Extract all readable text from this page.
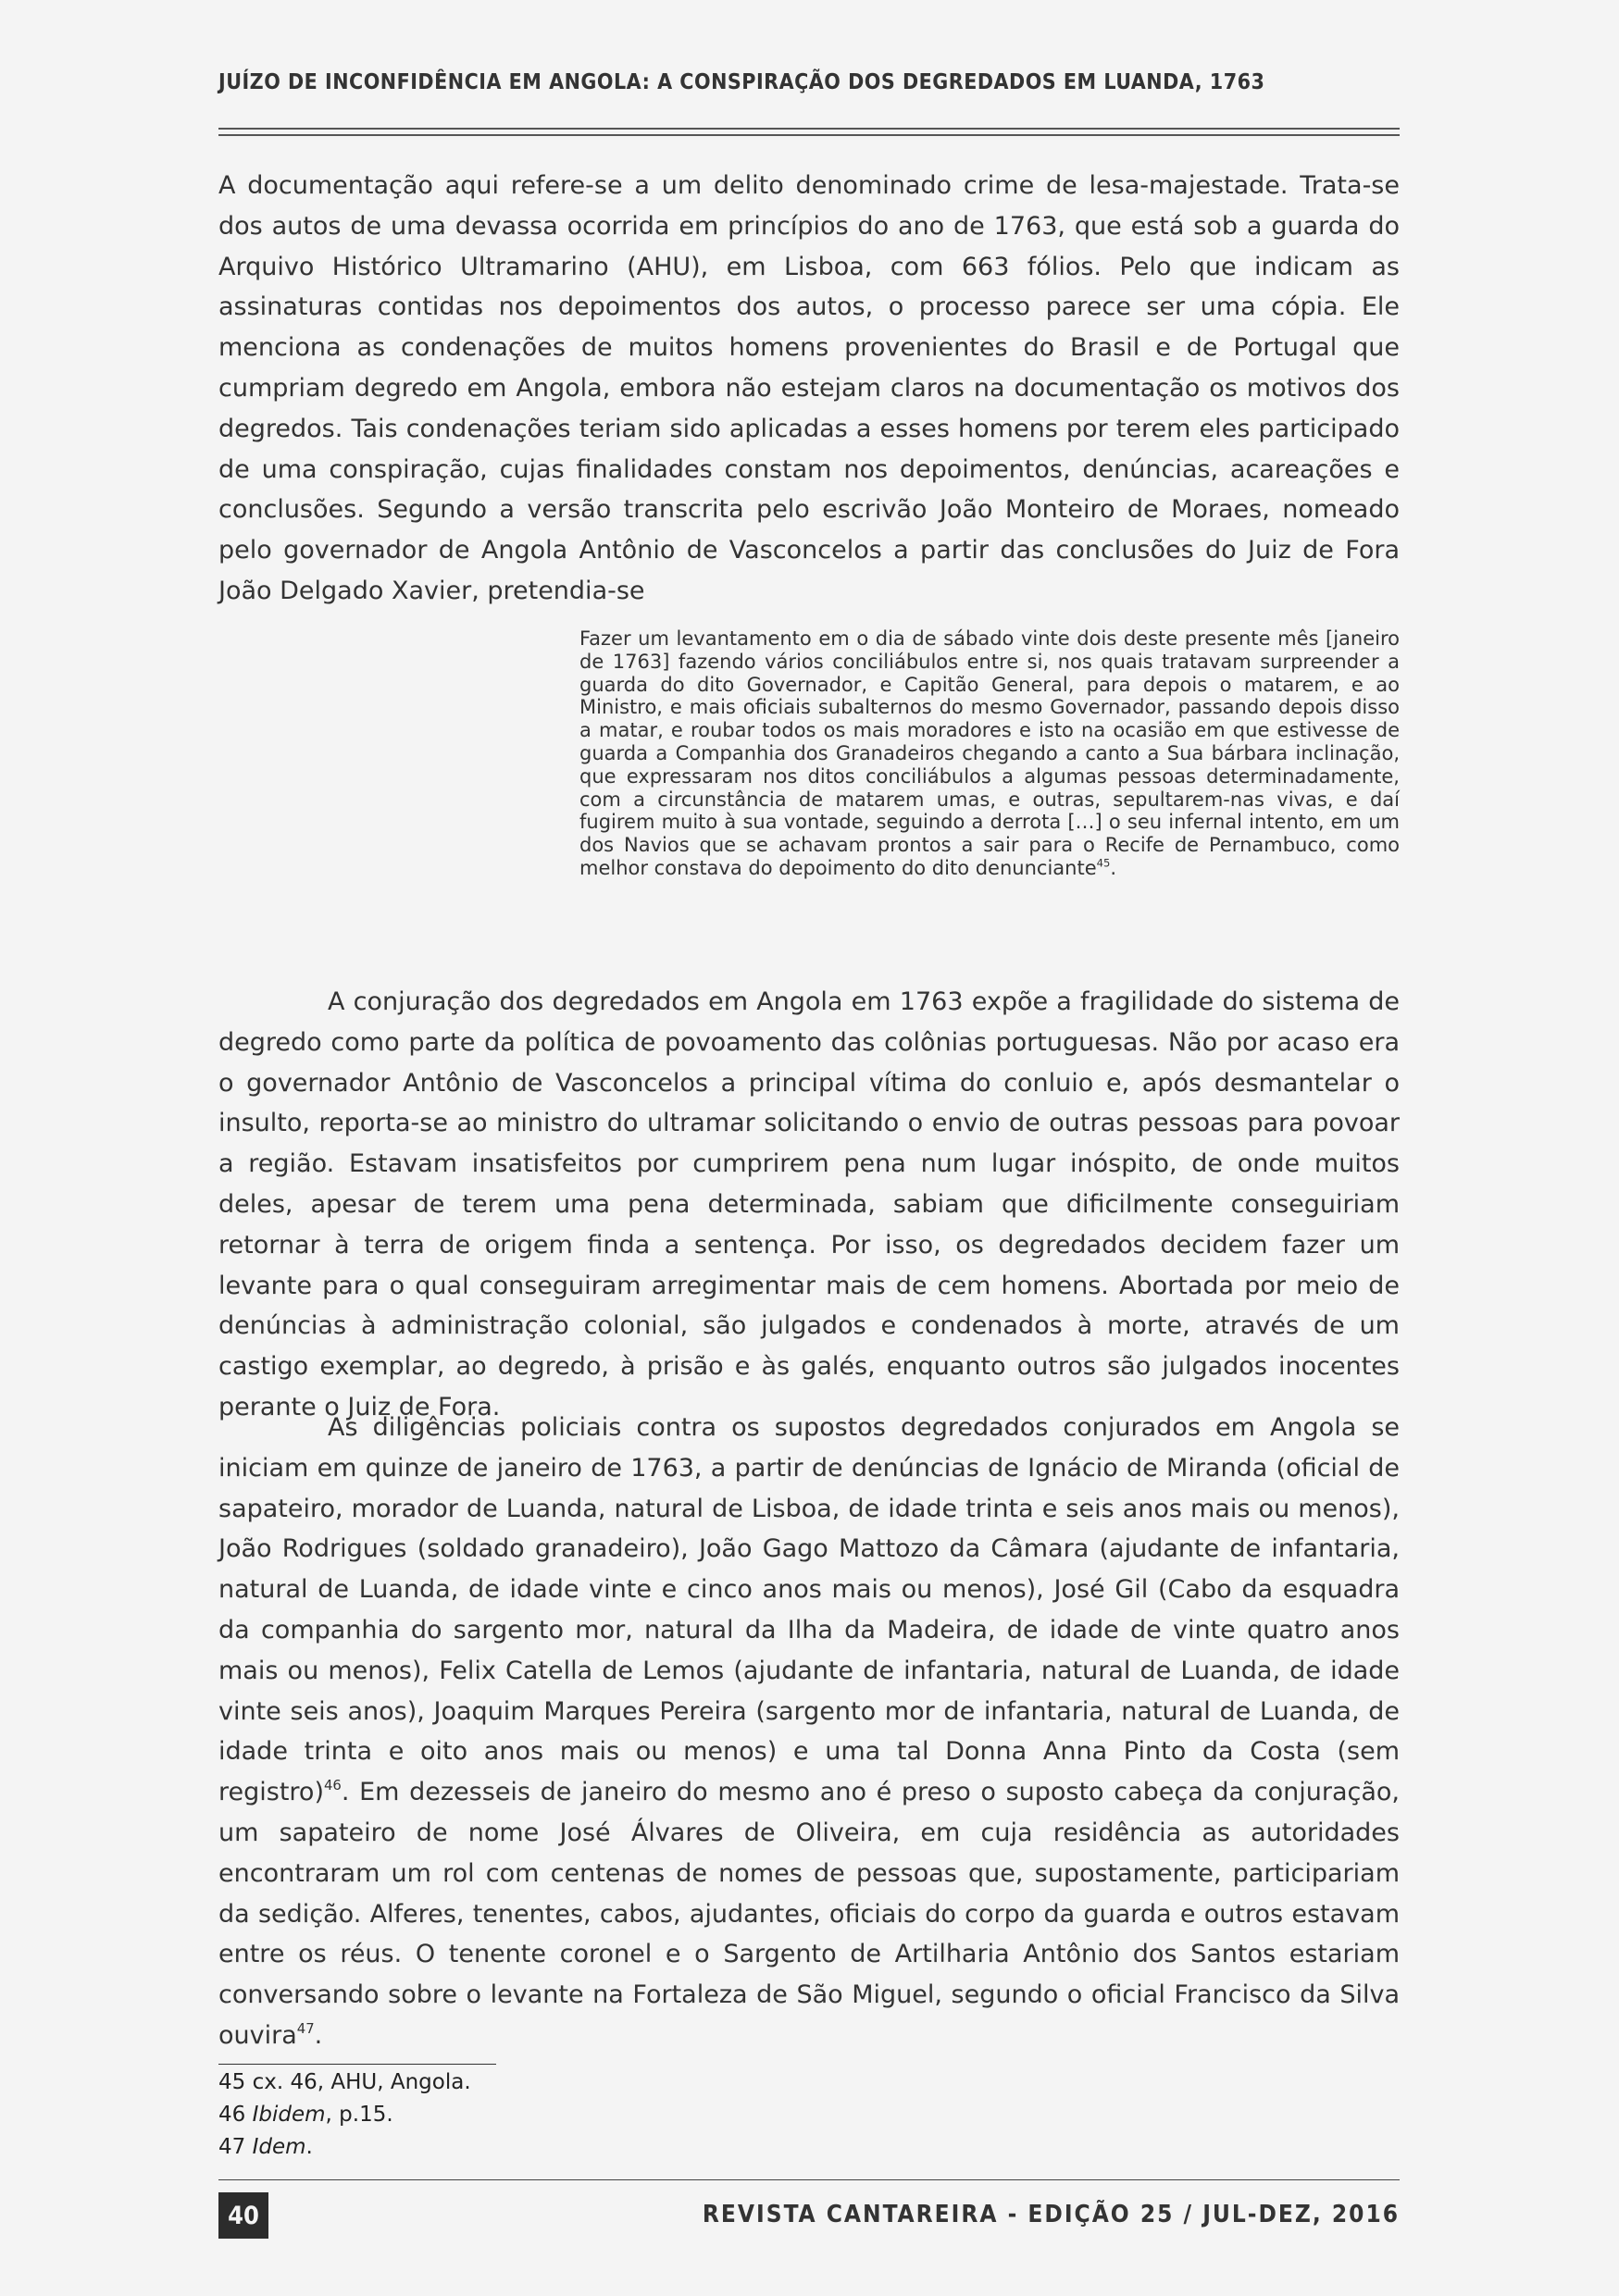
JUÍZO DE INCONFIDÊNCIA EM ANGOLA: A CONSPIRAÇÃO DOS DEGREDADOS EM LUANDA, 1763

A documentação aqui refere-se a um delito denominado crime de lesa-majestade. Trata-se dos autos de uma devassa ocorrida em princípios do ano de 1763, que está sob a guarda do Arquivo Histórico Ultramarino (AHU), em Lisboa, com 663 fólios. Pelo que indicam as assinaturas contidas nos depoimentos dos autos, o processo parece ser uma cópia. Ele menciona as condenações de muitos homens provenientes do Brasil e de Portugal que cumpriam degredo em Angola, embora não estejam claros na documentação os motivos dos degredos. Tais condenações teriam sido aplicadas a esses homens por terem eles participado de uma conspiração, cujas finalidades constam nos depoimentos, denúncias, acareações e conclusões. Segundo a versão transcrita pelo escrivão João Monteiro de Moraes, nomeado pelo governador de Angola Antônio de Vasconcelos a partir das conclusões do Juiz de Fora João Delgado Xavier, pretendia-se

Fazer um levantamento em o dia de sábado vinte dois deste presente mês [janeiro de 1763] fazendo vários conciliábulos entre si, nos quais tratavam surpreender a guarda do dito Governador, e Capitão General, para depois o matarem, e ao Ministro, e mais oficiais subalternos do mesmo Governador, passando depois disso a matar, e roubar todos os mais moradores e isto na ocasião em que estivesse de guarda a Companhia dos Granadeiros chegando a canto a Sua bárbara inclinação, que expressaram nos ditos conciliábulos a algumas pessoas determinadamente, com a circunstância de matarem umas, e outras, sepultarem-nas vivas, e daí fugirem muito à sua vontade, seguindo a derrota […] o seu infernal intento, em um dos Navios que se achavam prontos a sair para o Recife de Pernambuco, como melhor constava do depoimento do dito denunciante$^{45}$.

A conjuração dos degredados em Angola em 1763 expõe a fragilidade do sistema de degredo como parte da política de povoamento das colônias portuguesas. Não por acaso era o governador Antônio de Vasconcelos a principal vítima do conluio e, após desmantelar o insulto, reporta-se ao ministro do ultramar solicitando o envio de outras pessoas para povoar a região. Estavam insatisfeitos por cumprirem pena num lugar inóspito, de onde muitos deles, apesar de terem uma pena determinada, sabiam que dificilmente conseguiriam retornar à terra de origem finda a sentença. Por isso, os degredados decidem fazer um levante para o qual conseguiram arregimentar mais de cem homens. Abortada por meio de denúncias à administração colonial, são julgados e condenados à morte, através de um castigo exemplar, ao degredo, à prisão e às galés, enquanto outros são julgados inocentes perante o Juiz de Fora.

As diligências policiais contra os supostos degredados conjurados em Angola se iniciam em quinze de janeiro de 1763, a partir de denúncias de Ignácio de Miranda (oficial de sapateiro, morador de Luanda, natural de Lisboa, de idade trinta e seis anos mais ou menos), João Rodrigues (soldado granadeiro), João Gago Mattozo da Câmara (ajudante de infantaria, natural de Luanda, de idade vinte e cinco anos mais ou menos), José Gil (Cabo da esquadra da companhia do sargento mor, natural da Ilha da Madeira, de idade de vinte quatro anos mais ou menos), Felix Catella de Lemos (ajudante de infantaria, natural de Luanda, de idade vinte seis anos), Joaquim Marques Pereira (sargento mor de infantaria, natural de Luanda, de idade trinta e oito anos mais ou menos) e uma tal Donna Anna Pinto da Costa (sem registro)$^{46}$. Em dezesseis de janeiro do mesmo ano é preso o suposto cabeça da conjuração, um sapateiro de nome José Álvares de Oliveira, em cuja residência as autoridades encontraram um rol com centenas de nomes de pessoas que, supostamente, participariam da sedição. Alferes, tenentes, cabos, ajudantes, oficiais do corpo da guarda e outros estavam entre os réus. O tenente coronel e o Sargento de Artilharia Antônio dos Santos estariam conversando sobre o levante na Fortaleza de São Miguel, segundo o oficial Francisco da Silva ouvira$^{47}$.

45 cx. 46, AHU, Angola.
46 Ibidem, p.15.
47 Idem.
40	REVISTA CANTAREIRA - EDIÇÃO 25 / JUL-DEZ, 2016
